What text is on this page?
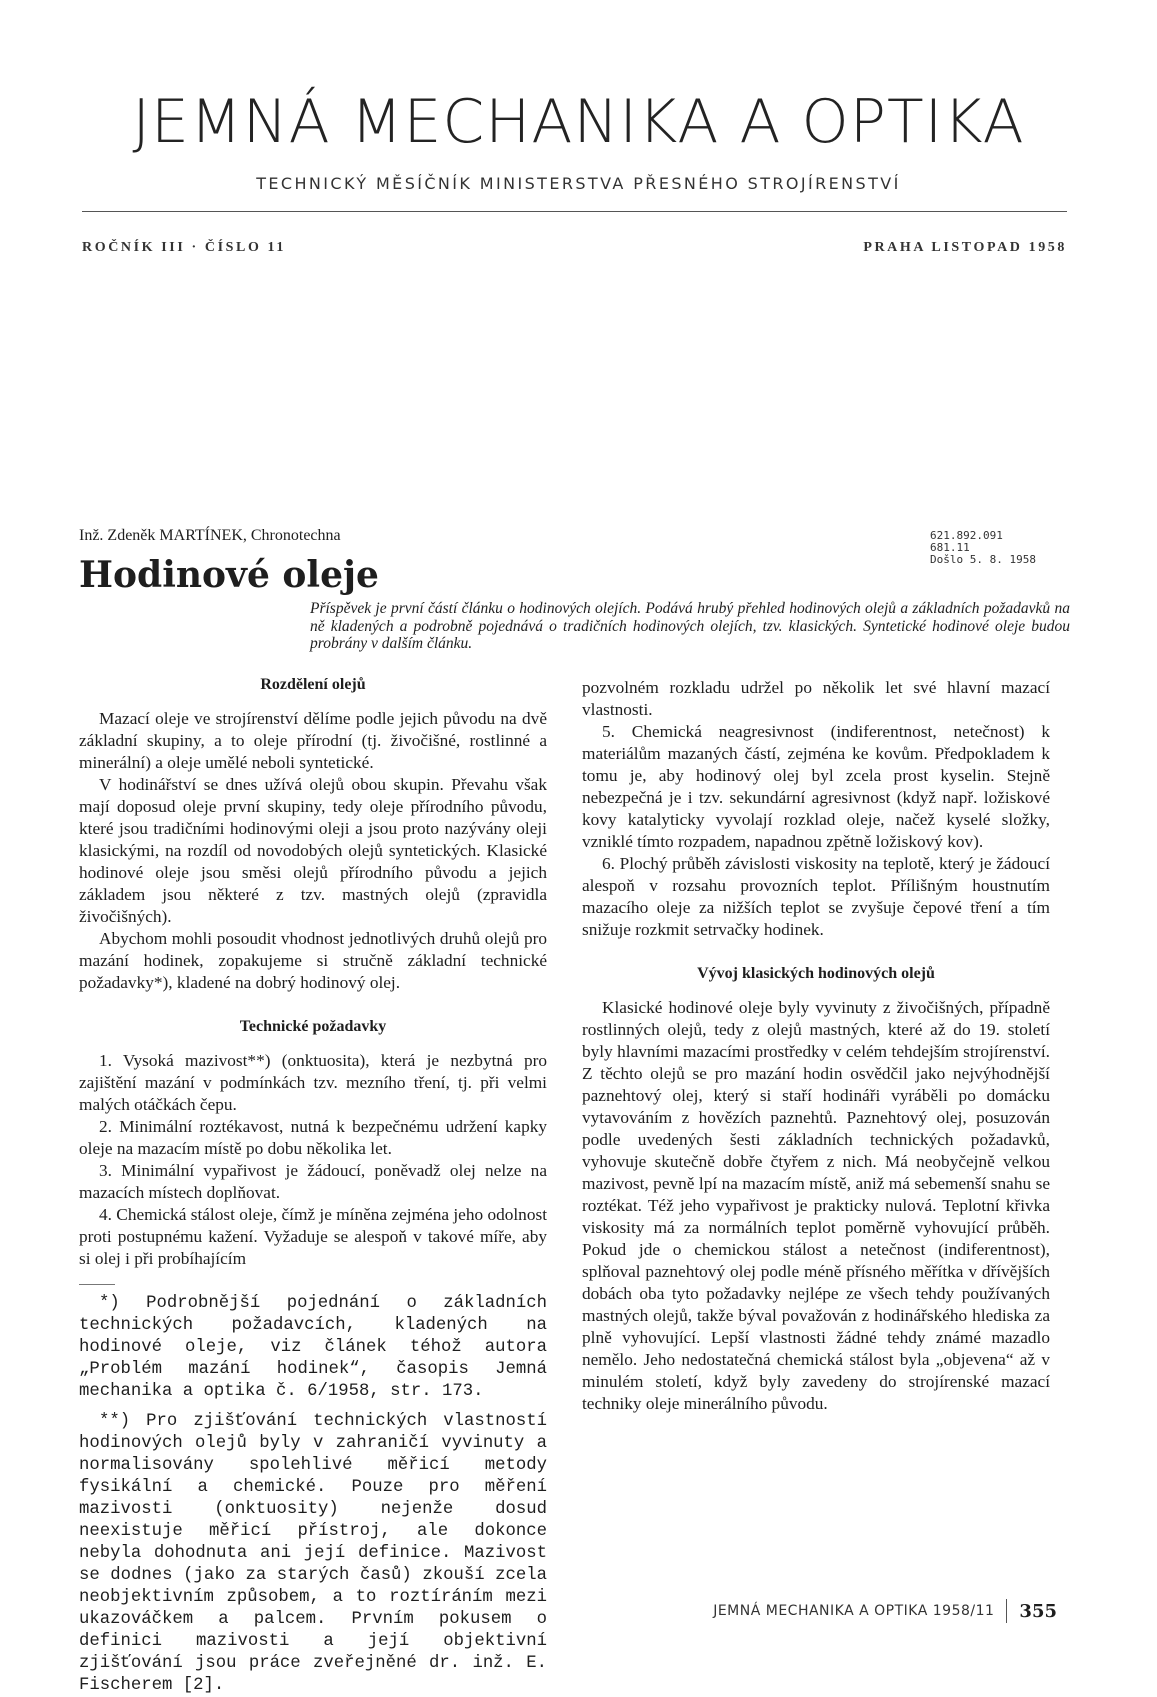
JEMNÁ MECHANIKA A OPTIKA
TECHNICKÝ MĚSÍČNÍK MINISTERSTVA PŘESNÉHO STROJÍRENSTVÍ
ROČNÍK III · ČÍSLO 11	PRAHA LISTOPAD 1958
Inž. Zdeněk MARTÍNEK, Chronotechna
Hodinové oleje
621.892.091
681.11
Došlo 5. 8. 1958
Příspěvek je první částí článku o hodinových olejích. Podává hrubý přehled hodinových olejů a základních požadavků na ně kladených a podrobně pojednává o tradičních hodinových olejích, tzv. klasických. Syntetické hodinové oleje budou probrány v dalším článku.
Rozdělení olejů

Mazací oleje ve strojírenství dělíme podle jejich původu na dvě základní skupiny, a to oleje přírodní (tj. živočišné, rostlinné a minerální) a oleje umělé neboli syntetické.

V hodinářství se dnes užívá olejů obou skupin. Převahu však mají doposud oleje první skupiny, tedy oleje přírodního původu, které jsou tradičními hodinovými oleji a jsou proto nazývány oleji klasickými, na rozdíl od novodobých olejů syntetických. Klasické hodinové oleje jsou směsi olejů přírodního původu a jejich základem jsou některé z tzv. mastných olejů (zpravidla živočišných).

Abychom mohli posoudit vhodnost jednotlivých druhů olejů pro mazání hodinek, zopakujeme si stručně základní technické požadavky*), kladené na dobrý hodinový olej.

Technické požadavky

1. Vysoká mazivost**) (onktuosita), která je nezbytná pro zajištění mazání v podmínkách tzv. mezního tření, tj. při velmi malých otáčkách čepu.

2. Minimální roztékavost, nutná k bezpečnému udržení kapky oleje na mazacím místě po dobu několika let.

3. Minimální vypařivost je žádoucí, poněvadž olej nelze na mazacích místech doplňovat.

4. Chemická stálost oleje, čímž je míněna zejména jeho odolnost proti postupnému kažení. Vyžaduje se alespoň v takové míře, aby si olej i při probíhajícím

*) Podrobnější pojednání o základních technických požadavcích, kladených na hodinové oleje, viz článek téhož autora „Problém mazání hodinek“, časopis Jemná mechanika a optika č. 6/1958, str. 173.

**) Pro zjišťování technických vlastností hodinových olejů byly v zahraničí vyvinuty a normalisovány spolehlivé měřicí metody fysikální a chemické. Pouze pro měření mazivosti (onktuosity) nejenže dosud neexistuje měřicí přístroj, ale dokonce nebyla dohodnuta ani její definice. Mazivost se dodnes (jako za starých časů) zkouší zcela neobjektivním způsobem, a to roztíráním mezi ukazováčkem a palcem. Prvním pokusem o definici mazivosti a její objektivní zjišťování jsou práce zveřejněné dr. inž. E. Fischerem [2].

pozvolném rozkladu udržel po několik let své hlavní mazací vlastnosti.

5. Chemická neagresivnost (indiferentnost, netečnost) k materiálům mazaných částí, zejména ke kovům. Předpokladem k tomu je, aby hodinový olej byl zcela prost kyselin. Stejně nebezpečná je i tzv. sekundární agresivnost (když např. ložiskové kovy katalyticky vyvolají rozklad oleje, načež kyselé složky, vzniklé tímto rozpadem, napadnou zpětně ložiskový kov).

6. Plochý průběh závislosti viskosity na teplotě, který je žádoucí alespoň v rozsahu provozních teplot. Přílišným houstnutím mazacího oleje za nižších teplot se zvyšuje čepové tření a tím snižuje rozkmit setrvačky hodinek.

Vývoj klasických hodinových olejů

Klasické hodinové oleje byly vyvinuty z živočišných, případně rostlinných olejů, tedy z olejů mastných, které až do 19. století byly hlavními mazacími prostředky v celém tehdejším strojírenství. Z těchto olejů se pro mazání hodin osvědčil jako nejvýhodnější paznehtový olej, který si staří hodináři vyráběli po domácku vytavováním z hovězích paznehtů. Paznehtový olej, posuzován podle uvedených šesti základních technických požadavků, vyhovuje skutečně dobře čtyřem z nich. Má neobyčejně velkou mazivost, pevně lpí na mazacím místě, aniž má sebemenší snahu se roztékat. Též jeho vypařivost je prakticky nulová. Teplotní křivka viskosity má za normálních teplot poměrně vyhovující průběh. Pokud jde o chemickou stálost a netečnost (indiferentnost), splňoval paznehtový olej podle méně přísného měřítka v dřívějších dobách oba tyto požadavky nejlépe ze všech tehdy používaných mastných olejů, takže býval považován z hodinářského hlediska za plně vyhovující. Lepší vlastnosti žádné tehdy známé mazadlo nemělo. Jeho nedostatečná chemická stálost byla „objevena“ až v minulém století, když byly zavedeny do strojírenské mazací techniky oleje minerálního původu.

JEMNÁ MECHANIKA A OPTIKA 1958/11 355
